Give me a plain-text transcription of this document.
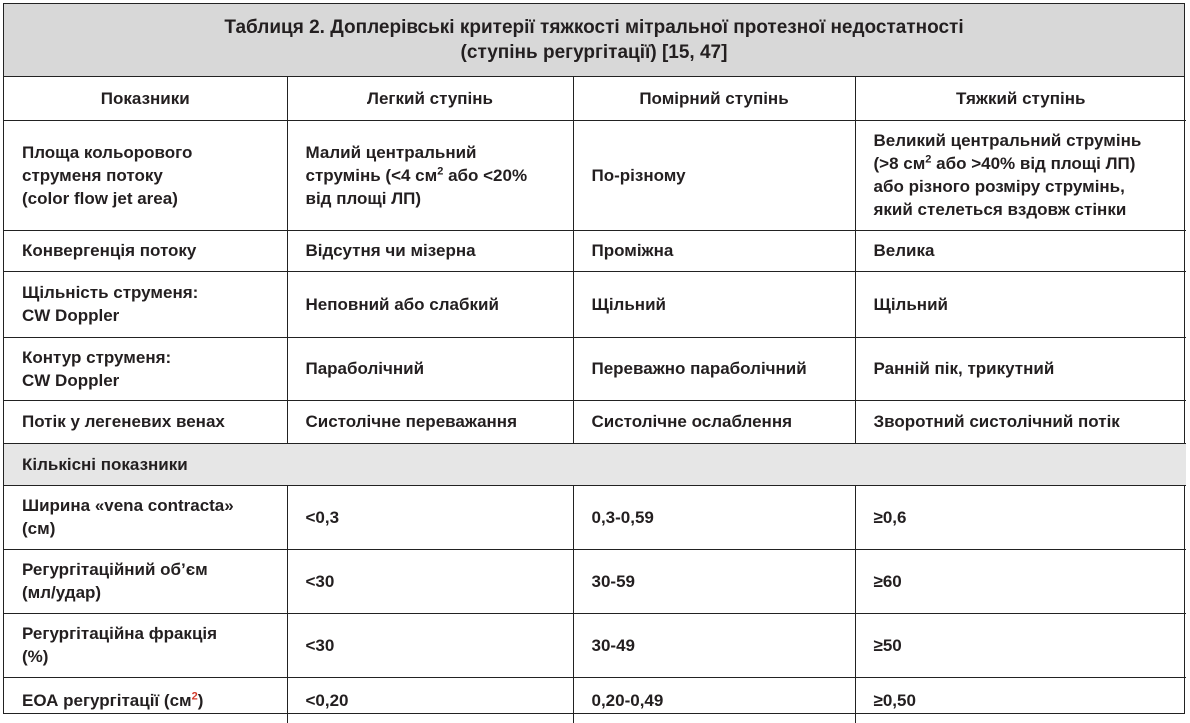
Таблиця 2. Доплерівські критерії тяжкості мітральної протезної недостатності
(ступінь регургітації) [15, 47]
Показники	Легкий ступінь	Помірний ступінь	Тяжкий ступінь
Площа кольорового
струменя потоку
(color flow jet area)	Малий центральний
струмінь (<4 $см^2$ або <20%
від площі ЛП)	По-різному	Великий центральний струмінь
(>8 $см^2$ або >40% від площі ЛП)
або різного розміру струмінь,
який стелеться вздовж стінки
Конвергенція потоку	Відсутня чи мізерна	Проміжна	Велика
Щільність струменя:
CW Doppler	Неповний або слабкий	Щільний	Щільний
Контур струменя:
CW Doppler	Параболічний	Переважно параболічний	Ранній пік, трикутний
Потік у легеневих венах	Систолічне переважання	Систолічне ослаблення	Зворотний систолічний потік
Кількісні показники			
Ширина «vena contracta»
(см)	<0,3	0,3-0,59	≥0,6
Регургітаційний об’єм
(мл/удар)	<30	30-59	≥60
Регургітаційна фракція
(%)	<30	30-49	≥50
ЕОА регургітації $(см^2)$	<0,20	0,20-0,49	≥0,50
